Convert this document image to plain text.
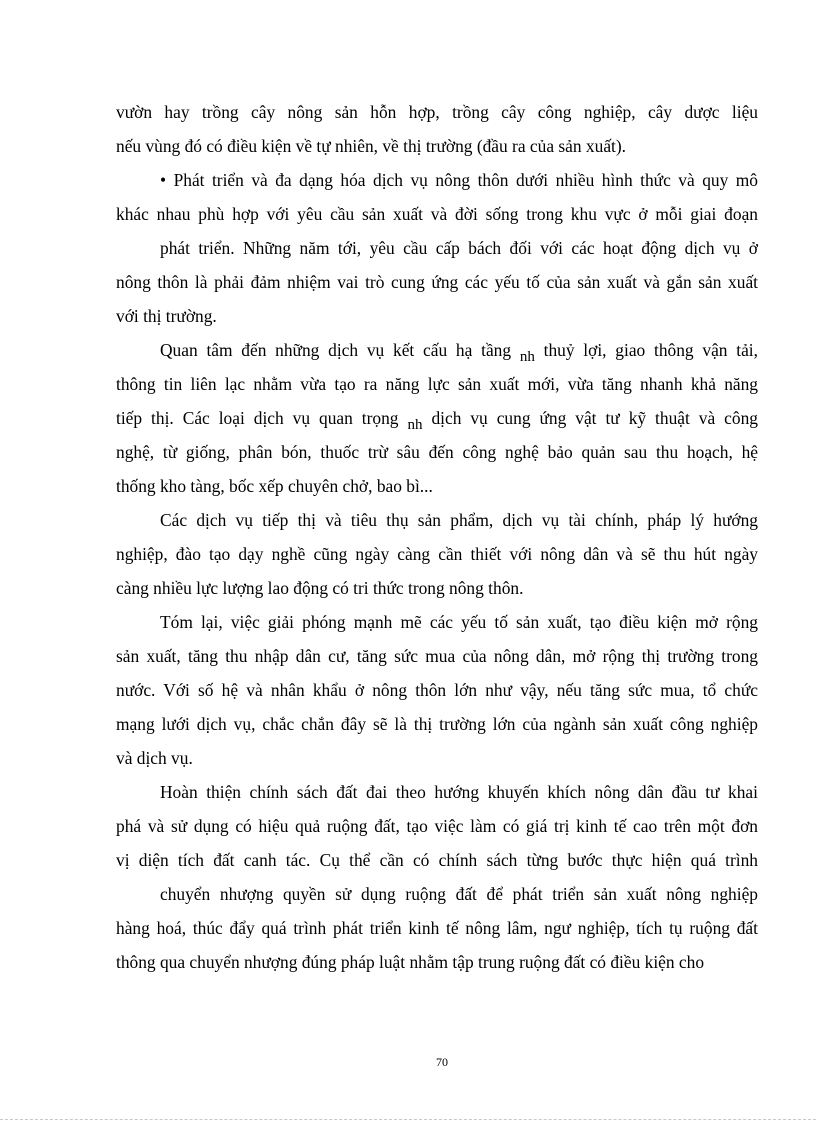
vườn hay trồng cây nông sản hỗn hợp, trồng cây công nghiệp, cây dược liệu
nếu vùng đó có điều kiện về tự nhiên, về thị trường (đầu ra của sản xuất).
• Phát triển và đa dạng hóa dịch vụ nông thôn dưới nhiều hình thức và quy mô
khác nhau phù hợp với yêu cầu sản xuất và đời sống trong khu vực ở mỗi giai đoạn
phát triển. Những năm tới, yêu cầu cấp bách đối với các hoạt động dịch vụ ở
nông thôn là phải đảm nhiệm vai trò cung ứng các yếu tố của sản xuất và gắn sản xuất
với thị trường.
Quan tâm đến những dịch vụ kết cấu hạ tầng nh thuỷ lợi, giao thông vận tải,
thông tin liên lạc nhằm vừa tạo ra năng lực sản xuất mới, vừa tăng nhanh khả năng
tiếp thị. Các loại dịch vụ quan trọng nh dịch vụ cung ứng vật tư kỹ thuật và công
nghệ, từ giống, phân bón, thuốc trừ sâu đến công nghệ bảo quản sau thu hoạch, hệ
thống kho tàng, bốc xếp chuyên chở, bao bì...
Các dịch vụ tiếp thị và tiêu thụ sản phẩm, dịch vụ tài chính, pháp lý hướng
nghiệp, đào tạo dạy nghề cũng ngày càng cần thiết với nông dân và sẽ thu hút ngày
càng nhiều lực lượng lao động có tri thức trong nông thôn.
Tóm lại, việc giải phóng mạnh mẽ các yếu tố sản xuất, tạo điều kiện mở rộng
sản xuất, tăng thu nhập dân cư, tăng sức mua của nông dân, mở rộng thị trường trong
nước. Với số hệ và nhân khẩu ở nông thôn lớn như vậy, nếu tăng sức mua, tổ chức
mạng lưới dịch vụ, chắc chắn đây sẽ là thị trường lớn của ngành sản xuất công nghiệp
và dịch vụ.
Hoàn thiện chính sách đất đai theo hướng khuyến khích nông dân đầu tư khai
phá và sử dụng có hiệu quả ruộng đất, tạo việc làm có giá trị kinh tế cao trên một đơn
vị diện tích đất canh tác. Cụ thể cần có chính sách từng bước thực hiện quá trình
chuyển nhượng quyền sử dụng ruộng đất để phát triển sản xuất nông nghiệp
hàng hoá, thúc đẩy quá trình phát triển kinh tế nông lâm, ngư nghiệp, tích tụ ruộng đất
thông qua chuyển nhượng đúng pháp luật nhằm tập trung ruộng đất có điều kiện cho
70
